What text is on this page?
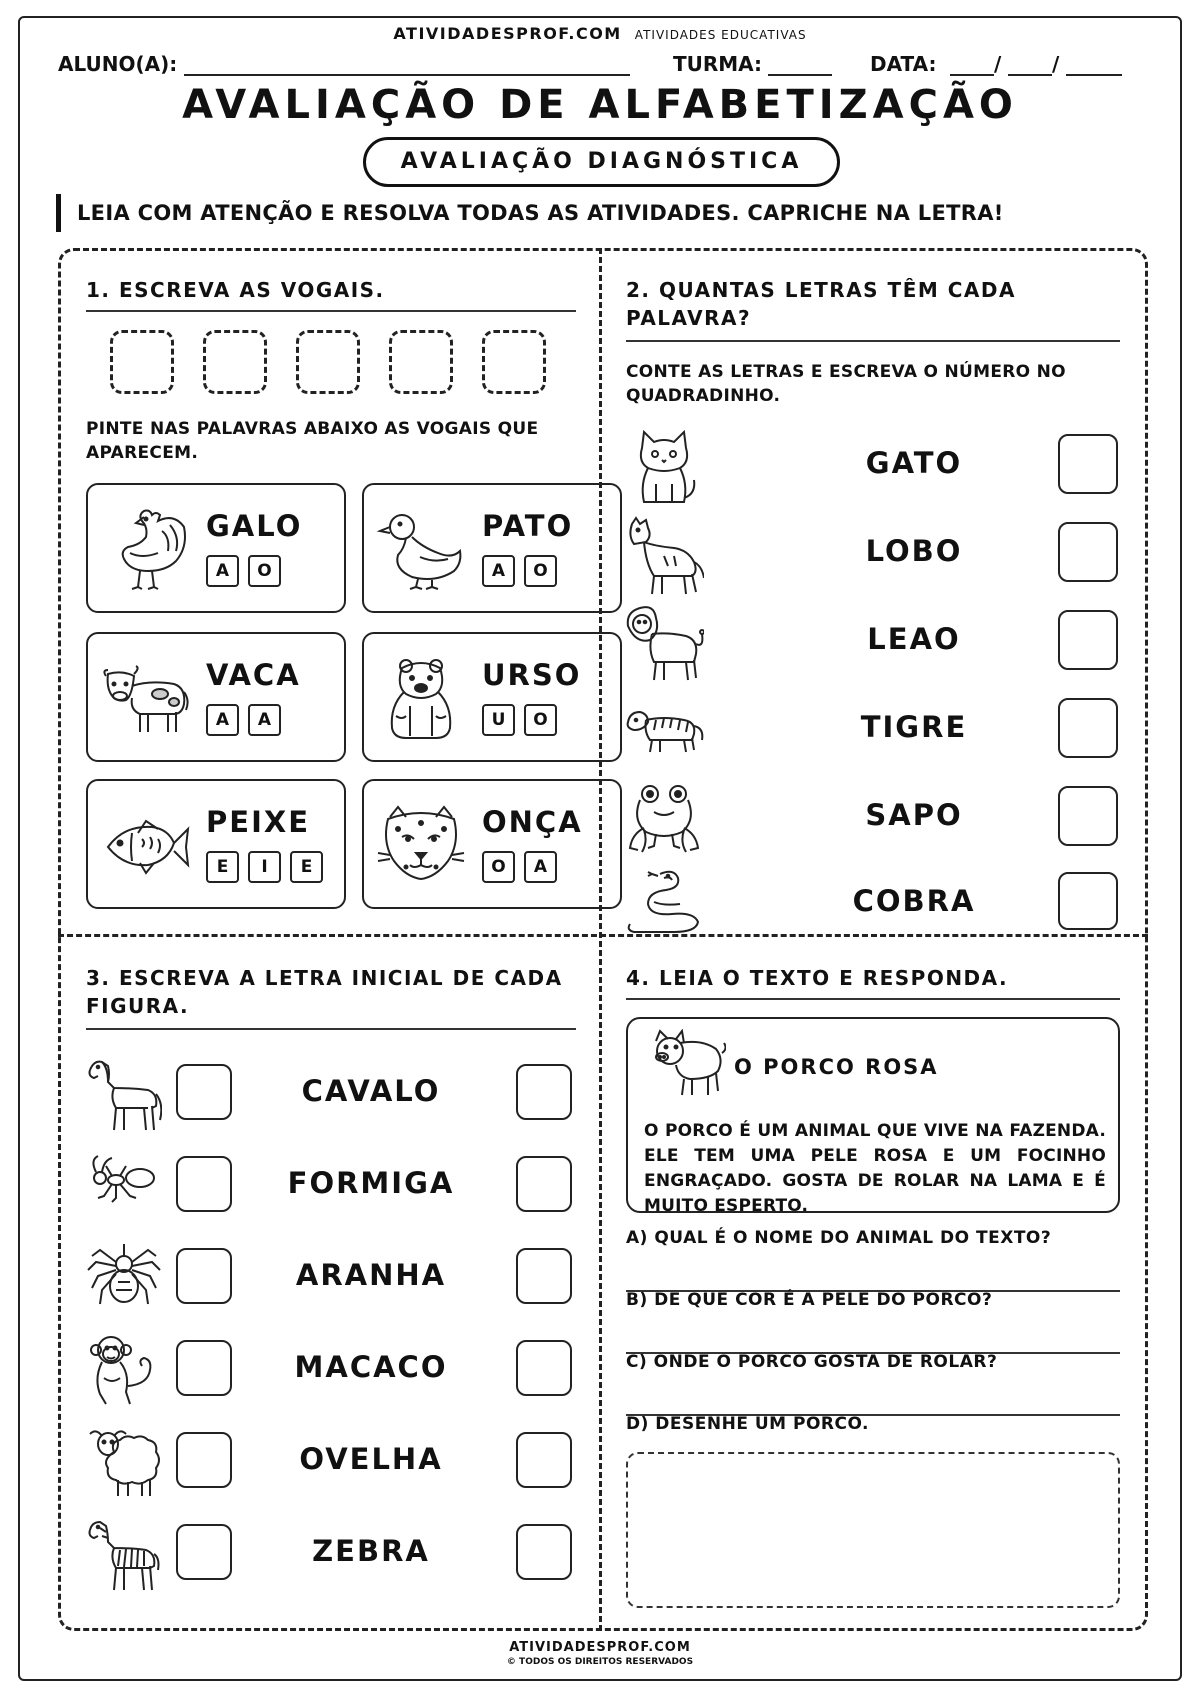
ATIVIDADESPROF.COM ATIVIDADES EDUCATIVAS
ALUNO(A):	TURMA:	DATA:	/	/
AVALIAÇÃO DE ALFABETIZAÇÃO
AVALIAÇÃO DIAGNÓSTICA
LEIA COM ATENÇÃO E RESOLVA TODAS AS ATIVIDADES. CAPRICHE NA LETRA!
1. ESCREVA AS VOGAIS.
PINTE NAS PALAVRAS ABAIXO AS VOGAIS QUE APARECEM.
GALO
A O
PATO
A O
VACA
A A
URSO
U O
PEIXE
E I E
ONÇA
O A
2. QUANTAS LETRAS TÊM CADA PALAVRA?
CONTE AS LETRAS E ESCREVA O NÚMERO NO QUADRADINHO.
GATO
LOBO
LEAO
TIGRE
SAPO
COBRA
3. ESCREVA A LETRA INICIAL DE CADA FIGURA.
CAVALO
FORMIGA
ARANHA
MACACO
OVELHA
ZEBRA
4. LEIA O TEXTO E RESPONDA.
O PORCO ROSA
O PORCO É UM ANIMAL QUE VIVE NA FAZENDA. ELE TEM UMA PELE ROSA E UM FOCINHO ENGRAÇADO. GOSTA DE ROLAR NA LAMA E É MUITO ESPERTO.
A) QUAL É O NOME DO ANIMAL DO TEXTO?
B) DE QUE COR É A PELE DO PORCO?
C) ONDE O PORCO GOSTA DE ROLAR?
D) DESENHE UM PORCO.
ATIVIDADESPROF.COM
© TODOS OS DIREITOS RESERVADOS
